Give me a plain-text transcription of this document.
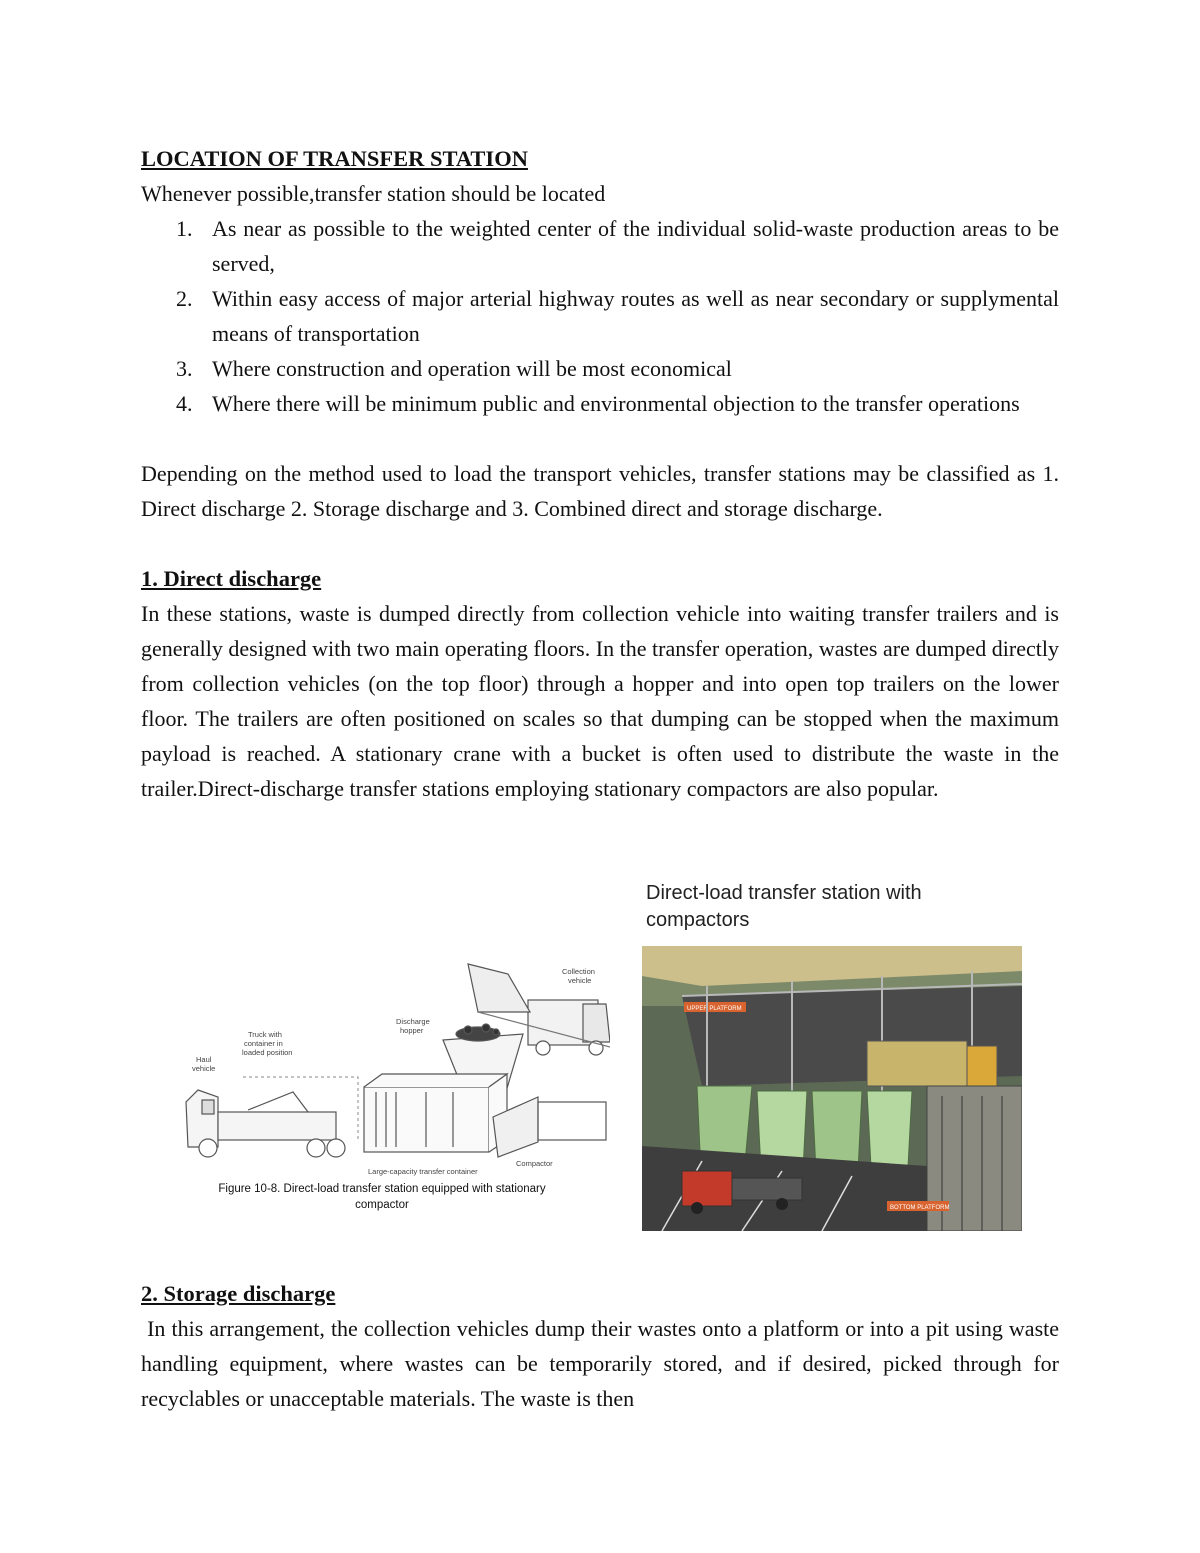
LOCATION OF TRANSFER STATION
Whenever possible,transfer station should be located
1. As near as possible to the weighted center of the individual solid-waste production areas to be served,
2. Within easy access of major arterial highway routes as well as near secondary or supplymental means of transportation
3. Where construction and operation will be most economical
4. Where there will be minimum public and environmental objection to the transfer operations
Depending on the method used to load the transport vehicles, transfer stations may be classified as 1. Direct discharge 2. Storage discharge and 3. Combined direct and storage discharge.
1. Direct discharge
In these stations, waste is dumped directly from collection vehicle into waiting transfer trailers and is generally designed with two main operating floors. In the transfer operation, wastes are dumped directly from collection vehicles (on the top floor) through a hopper and into open top trailers on the lower floor. The trailers are often positioned on scales so that dumping can be stopped when the maximum payload is reached. A stationary crane with a bucket is often used to distribute the waste in the trailer.Direct-discharge transfer stations employing stationary compactors are also popular.
Collection
vehicle
Discharge
hopper
Compactor
Large-capacity transfer container
Haul
vehicle
Truck with
container in
loaded position
Figure 10-8. Direct-load transfer station equipped with stationary
compactor
Direct-load transfer station with compactors
UPPER PLATFORM
BOTTOM PLATFORM
2. Storage discharge
In this arrangement, the collection vehicles dump their wastes onto a platform or into a pit using waste handling equipment, where wastes can be temporarily stored, and if desired, picked through for recyclables or unacceptable materials. The waste is then
